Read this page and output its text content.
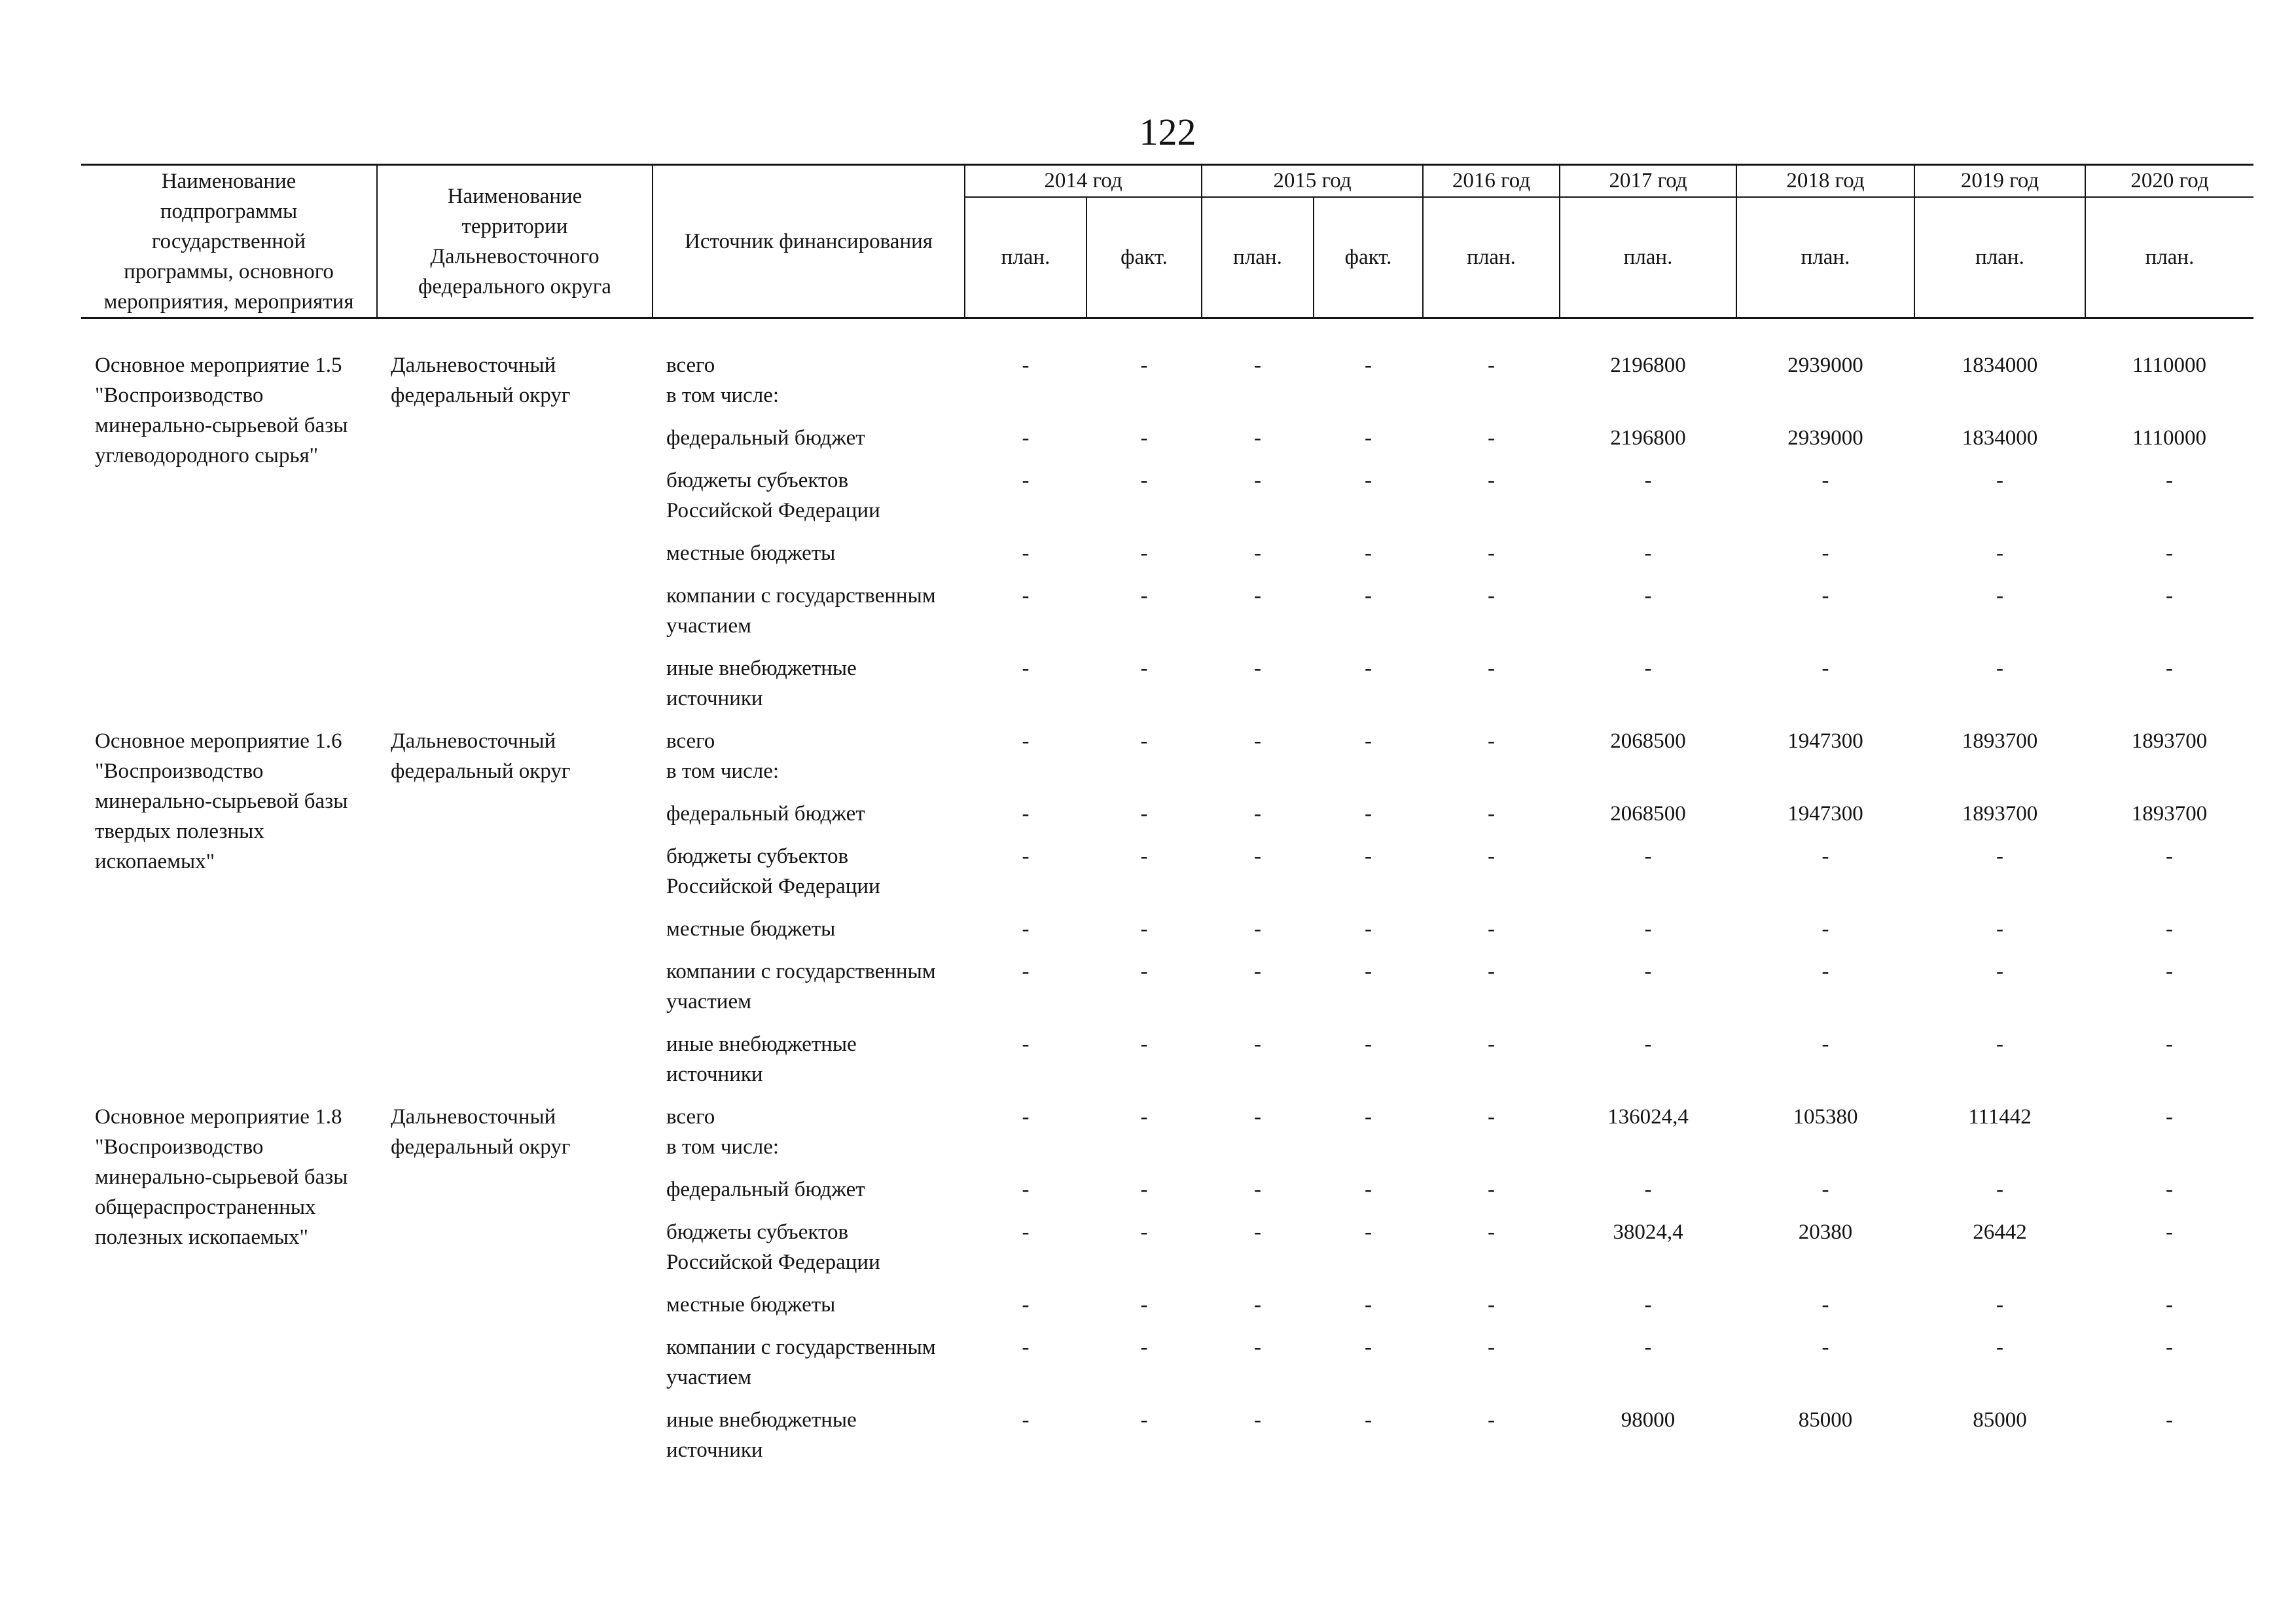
122
Наименование
подпрограммы
государственной
программы, основного
мероприятия, мероприятия	Наименование
территории
Дальневосточного
федерального округа	Источник финансирования	2014 год		2015 год		2016 год	2017 год	2018 год	2019 год	2020 год
			план.	факт.	план.	факт.	план.	план.	план.	план.	план.
Основное мероприятие 1.5
"Воспроизводство
минерально-сырьевой базы
углеводородного сырья"	Дальневосточный
федеральный округ	всего
в том числе:	-	-	-	-	-	2196800	2939000	1834000	1110000
		федеральный бюджет	-	-	-	-	-	2196800	2939000	1834000	1110000
		бюджеты субъектов
Российской Федерации	-	-	-	-	-	-	-	-	-
		местные бюджеты	-	-	-	-	-	-	-	-	-
		компании с государственным
участием	-	-	-	-	-	-	-	-	-
		иные внебюджетные
источники	-	-	-	-	-	-	-	-	-
Основное мероприятие 1.6
"Воспроизводство
минерально-сырьевой базы
твердых полезных
ископаемых"	Дальневосточный
федеральный округ	всего
в том числе:	-	-	-	-	-	2068500	1947300	1893700	1893700
		федеральный бюджет	-	-	-	-	-	2068500	1947300	1893700	1893700
		бюджеты субъектов
Российской Федерации	-	-	-	-	-	-	-	-	-
		местные бюджеты	-	-	-	-	-	-	-	-	-
		компании с государственным
участием	-	-	-	-	-	-	-	-	-
		иные внебюджетные
источники	-	-	-	-	-	-	-	-	-
Основное мероприятие 1.8
"Воспроизводство
минерально-сырьевой базы
общераспространенных
полезных ископаемых"	Дальневосточный
федеральный округ	всего
в том числе:	-	-	-	-	-	136024,4	105380	111442	-
		федеральный бюджет	-	-	-	-	-	-	-	-	-
		бюджеты субъектов
Российской Федерации	-	-	-	-	-	38024,4	20380	26442	-
		местные бюджеты	-	-	-	-	-	-	-	-	-
		компании с государственным
участием	-	-	-	-	-	-	-	-	-
		иные внебюджетные
источники	-	-	-	-	-	98000	85000	85000	-
